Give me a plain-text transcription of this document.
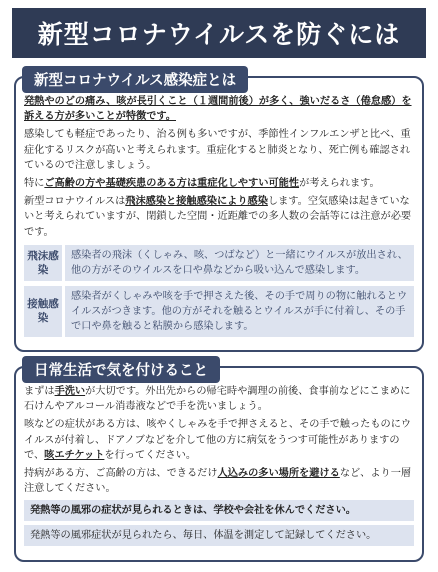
新型コロナウイルスを防ぐには
新型コロナウイルス感染症とは

発熱やのどの痛み、咳が長引くこと（１週間前後）が多く、強いだるさ（倦怠感）を訴える方が多いことが特徴です。

感染しても軽症であったり、治る例も多いですが、季節性インフルエンザと比べ、重症化するリスクが高いと考えられます。重症化すると肺炎となり、死亡例も確認されているので注意しましょう。

特にご高齢の方や基礎疾患のある方は重症化しやすい可能性が考えられます。

新型コロナウイルスは飛沫感染と接触感染により感染します。空気感染は起きていないと考えられていますが、閉鎖した空間・近距離での多人数の会話等には注意が必要です。

飛沫感染
感染者の飛沫（くしゃみ、咳、つばなど）と一緒にウイルスが放出され、他の方がそのウイルスを口や鼻などから吸い込んで感染します。
接触感染
感染者がくしゃみや咳を手で押さえた後、その手で周りの物に触れるとウイルスがつきます。他の方がそれを触るとウイルスが手に付着し、その手で口や鼻を触ると粘膜から感染します。
日常生活で気を付けること

まずは手洗いが大切です。外出先からの帰宅時や調理の前後、食事前などにこまめに石けんやアルコール消毒液などで手を洗いましょう。

咳などの症状がある方は、咳やくしゃみを手で押さえると、その手で触ったものにウイルスが付着し、ドアノブなどを介して他の方に病気をうつす可能性がありますので、咳エチケットを行ってください。

持病がある方、ご高齢の方は、できるだけ人込みの多い場所を避けるなど、より一層注意してください。

発熱等の風邪の症状が見られるときは、学校や会社を休んでください。
発熱等の風邪症状が見られたら、毎日、体温を測定して記録してください。
